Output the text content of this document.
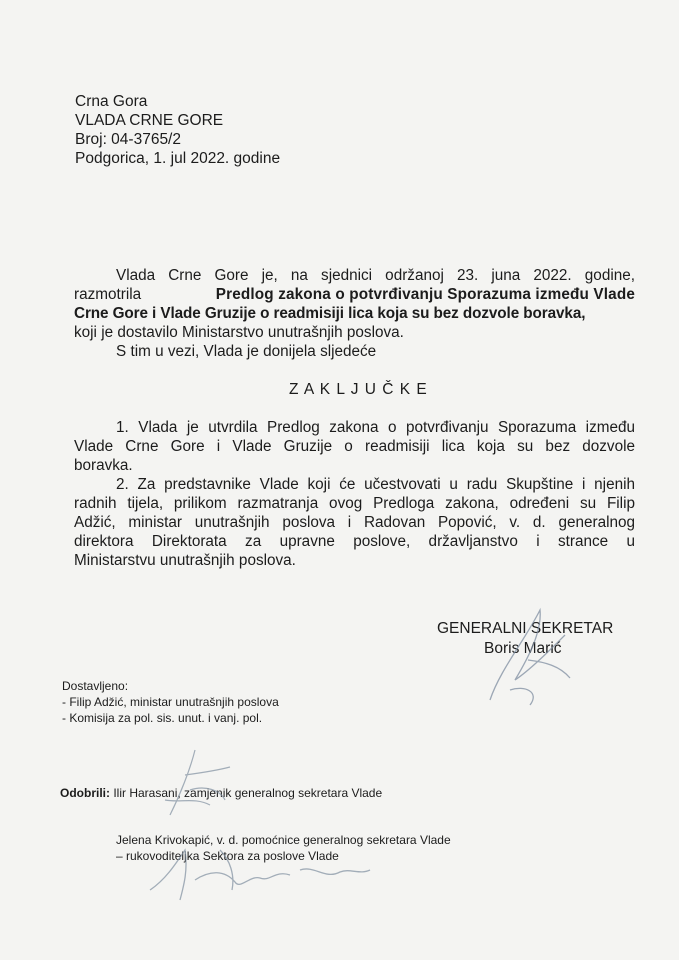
Crna Gora
VLADA CRNE GORE
Broj: 04-3765/2
Podgorica, 1. jul 2022. godine
Vlada Crne Gore je, na sjednici održanoj 23. juna 2022. godine,
razmotrila	Predlog zakona o potvrđivanju Sporazuma između Vlade
Crne Gore i Vlade Gruzije o readmisiji lica koja su bez dozvole boravka,
koji je dostavilo Ministarstvo unutrašnjih poslova.
S tim u vezi, Vlada je donijela sljedeće
Z A K L J U Č K E
1. Vlada je utvrdila Predlog zakona o potvrđivanju Sporazuma između
Vlade Crne Gore i Vlade Gruzije o readmisiji lica koja su bez dozvole
boravka.
2. Za predstavnike Vlade koji će učestvovati u radu Skupštine i njenih
radnih tijela, prilikom razmatranja ovog Predloga zakona, određeni su Filip
Adžić, ministar unutrašnjih poslova i Radovan Popović, v. d. generalnog
direktora Direktorata za upravne poslove, državljanstvo i strance u
Ministarstvu unutrašnjih poslova.
GENERALNI SEKRETAR
Boris Marić
Dostavljeno:
- Filip Adžić, ministar unutrašnjih poslova
- Komisija za pol. sis. unut. i vanj. pol.
Odobrili: Ilir Harasani, zamjenik generalnog sekretara Vlade
Jelena Krivokapić, v. d. pomoćnice generalnog sekretara Vlade
– rukovoditeljka Sektora za poslove Vlade
